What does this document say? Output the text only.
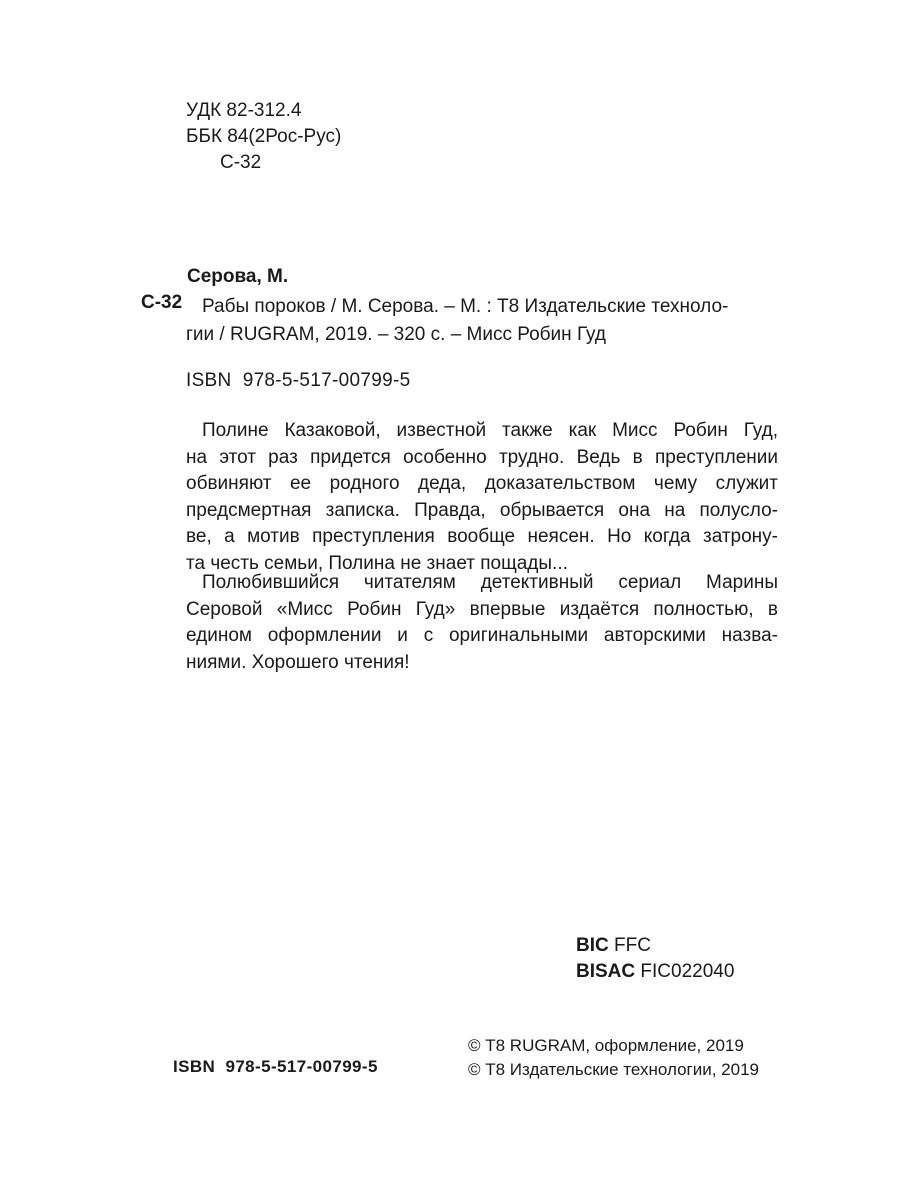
УДК 82-312.4
ББК 84(2Рос-Рус)
С-32
Серова, М.
С-32 Рабы пороков / М. Серова. – М. : Т8 Издательские техноло-
гии / RUGRAM, 2019. – 320 с. – Мисс Робин Гуд
ISBN  978-5-517-00799-5
Полине Казаковой, известной также как Мисс Робин Гуд,
на этот раз придется особенно трудно. Ведь в преступлении
обвиняют ее родного деда, доказательством чему служит
предсмертная записка. Правда, обрывается она на полусло-
ве, а мотив преступления вообще неясен. Но когда затрону-
та честь семьи, Полина не знает пощады...
Полюбившийся читателям детективный сериал Марины
Серовой «Мисс Робин Гуд» впервые издаётся полностью, в
едином оформлении и с оригинальными авторскими назва-
ниями. Хорошего чтения!
BIC FFC
BISAC FIC022040
ISBN  978-5-517-00799-5
© Т8 RUGRAM, оформление, 2019
© Т8 Издательские технологии, 2019
